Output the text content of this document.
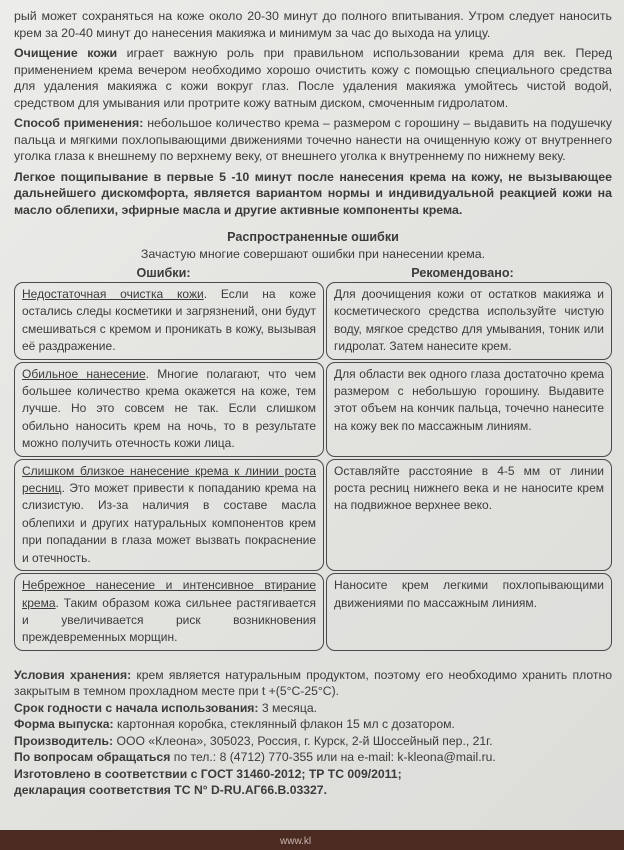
рый может сохраняться на коже около 20-30 минут до полного впитывания. Утром следует наносить крем за 20-40 минут до нанесения макияжа и минимум за час до выхода на улицу.

Очищение кожи играет важную роль при правильном использовании крема для век. Перед применением крема вечером необходимо хорошо очистить кожу с помощью специального средства для удаления макияжа с кожи вокруг глаз. После удаления макияжа умойтесь чистой водой, средством для умывания или протрите кожу ватным диском, смоченным гидролатом.

Способ применения: небольшое количество крема – размером с горошину – выдавить на подушечку пальца и мягкими похлопывающими движениями точечно нанести на очищенную кожу от внутреннего уголка глаза к внешнему по верхнему веку, от внешнего уголка к внутреннему по нижнему веку.

Легкое пощипывание в первые 5 -10 минут после нанесения крема на кожу, не вызывающее дальнейшего дискомфорта, является вариантом нормы и индивидуальной реакцией кожи на масло облепихи, эфирные масла и другие активные компоненты крема.

Распространенные ошибки
Зачастую многие совершают ошибки при нанесении крема.
Ошибки:	Рекомендовано:
Недостаточная очистка кожи. Если на коже остались следы косметики и загрязнений, они будут смешиваться с кремом и проникать в кожу, вызывая её раздражение.
Для доочищения кожи от остатков макияжа и косметического средства используйте чистую воду, мягкое средство для умывания, тоник или гидролат. Затем нанесите крем.
Обильное нанесение. Многие полагают, что чем большее количество крема окажется на коже, тем лучше. Но это совсем не так. Если слишком обильно наносить крем на ночь, то в результате можно получить отечность кожи лица.
Для области век одного глаза достаточно крема размером с небольшую горошину. Выдавите этот объем на кончик пальца, точечно нанесите на кожу век по массажным линиям.
Слишком близкое нанесение крема к линии роста ресниц. Это может привести к попаданию крема на слизистую. Из-за наличия в составе масла облепихи и других натуральных компонентов крем при попадании в глаза может вызвать покраснение и отечность.
Оставляйте расстояние в 4-5 мм от линии роста ресниц нижнего века и не наносите крем на подвижное верхнее веко.
Небрежное нанесение и интенсивное втирание крема. Таким образом кожа сильнее растягивается и увеличивается риск возникновения преждевременных морщин.
Наносите крем легкими похлопывающими движениями по массажным линиям.

Условия хранения: крем является натуральным продуктом, поэтому его необходимо хранить плотно закрытым в темном прохладном месте при t +(5°C-25°C).

Срок годности с начала использования: 3 месяца.

Форма выпуска: картонная коробка, стеклянный флакон 15 мл с дозатором.

Производитель: ООО «Клеона», 305023, Россия, г. Курск, 2-й Шоссейный пер., 21г.

По вопросам обращаться по тел.: 8 (4712) 770-355 или на e-mail: k-kleona@mail.ru.

Изготовлено в соответствии с ГОСТ 31460-2012; ТР ТС 009/2011;

декларация соответствия ТС N° D-RU.АГ66.В.03327.

www.kl
